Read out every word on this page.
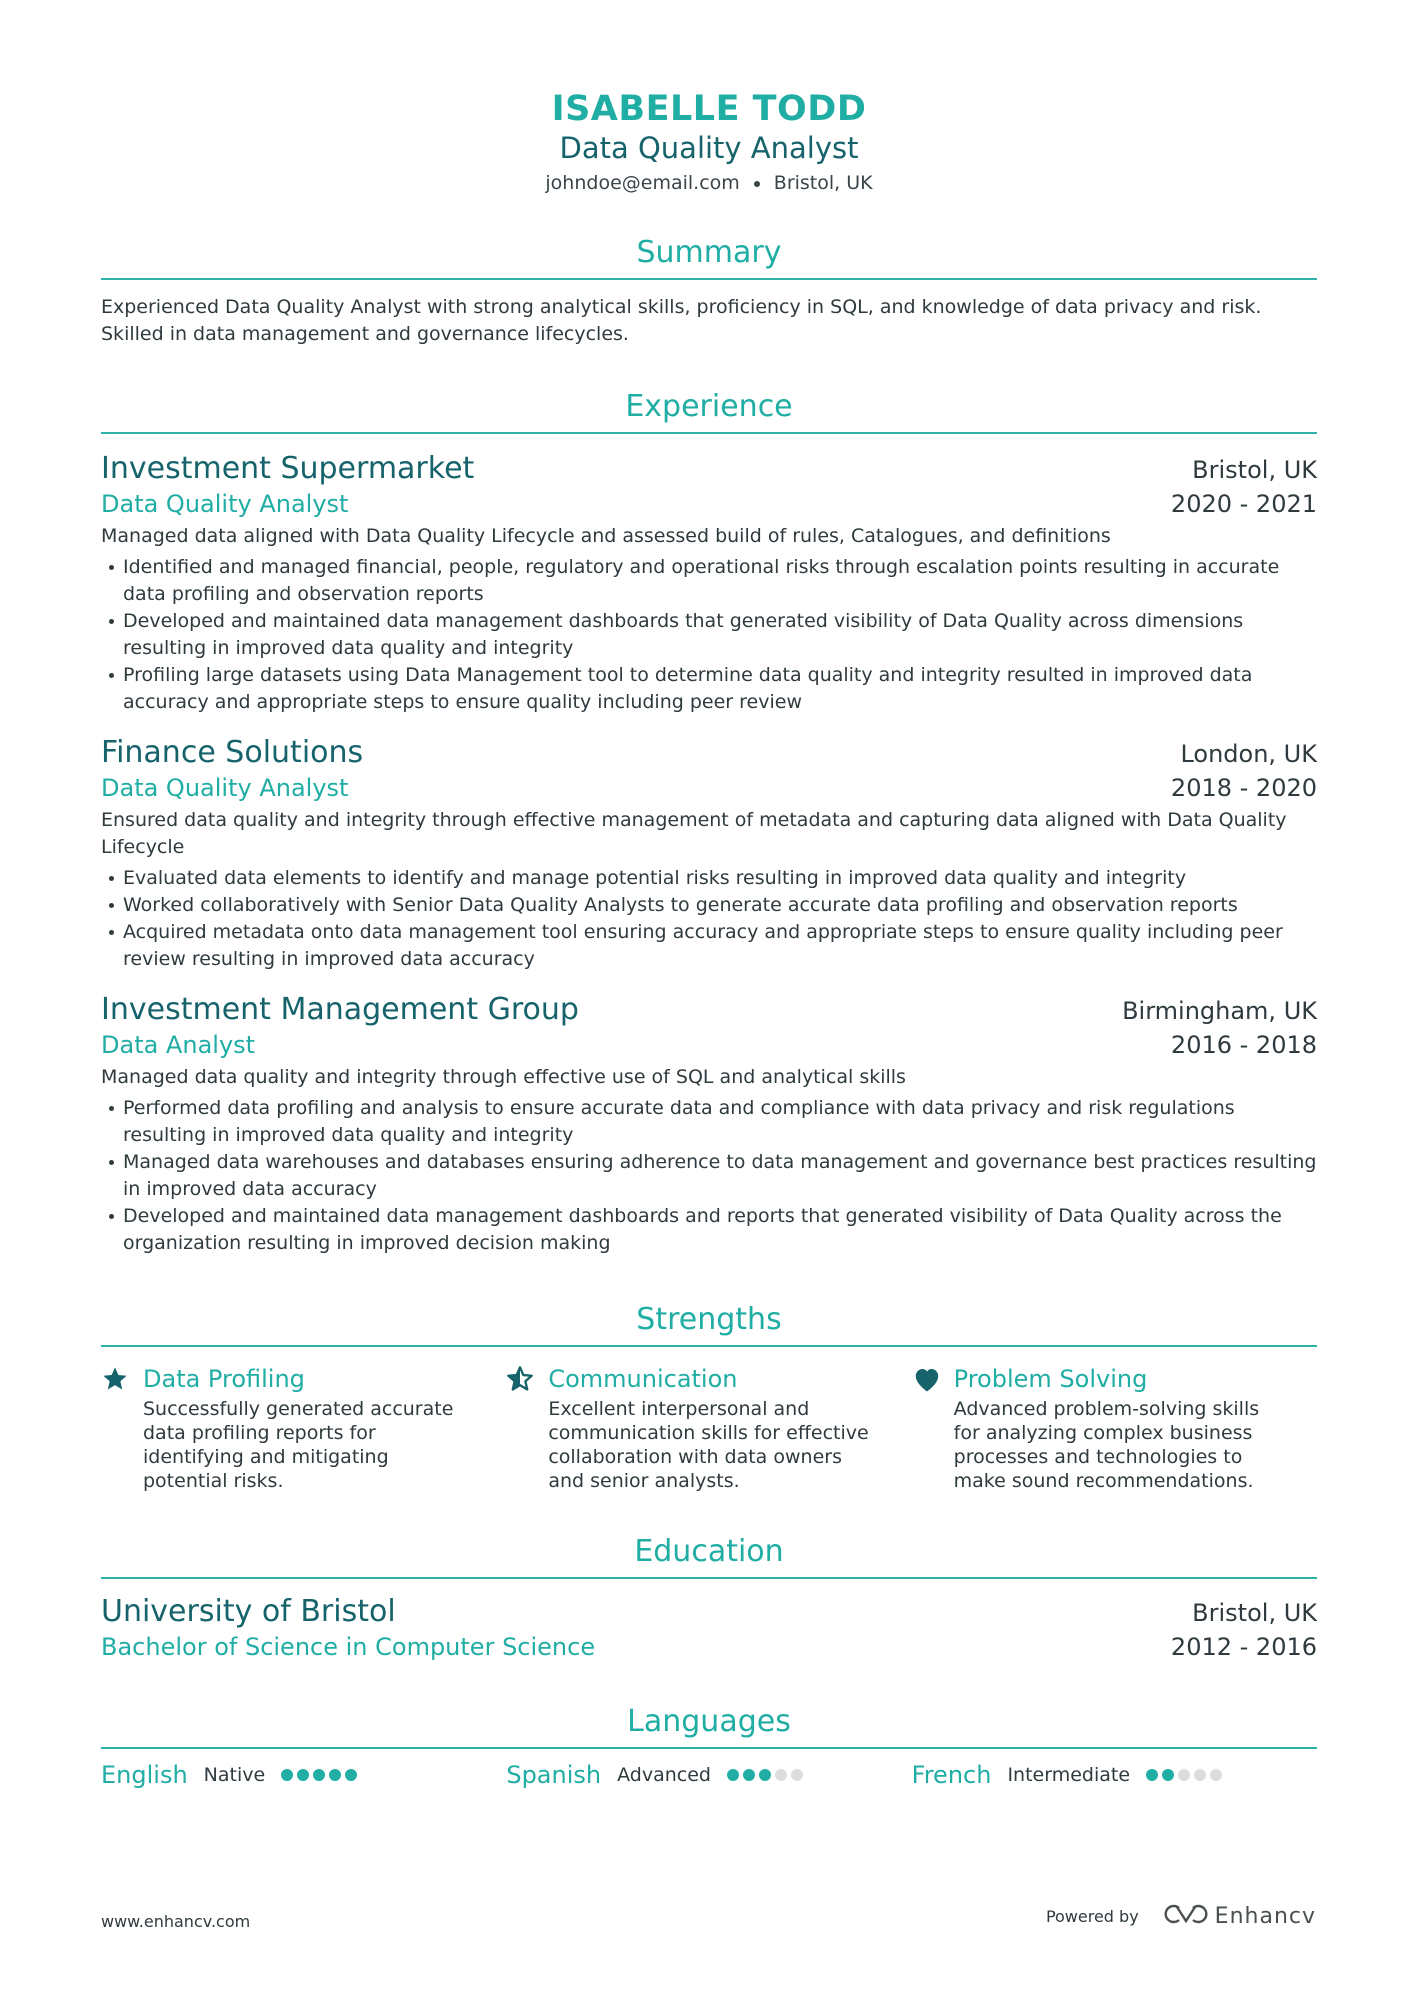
ISABELLE TODD
Data Quality Analyst
johndoe@email.com Bristol, UK
Summary
Experienced Data Quality Analyst with strong analytical skills, proficiency in SQL, and knowledge of data privacy and risk. Skilled in data management and governance lifecycles.
Experience
Investment Supermarket	Bristol, UK
Data Quality Analyst	2020 - 2021
Managed data aligned with Data Quality Lifecycle and assessed build of rules, Catalogues, and definitions
Identified and managed financial, people, regulatory and operational risks through escalation points resulting in accurate data profiling and observation reports
Developed and maintained data management dashboards that generated visibility of Data Quality across dimensions resulting in improved data quality and integrity
Profiling large datasets using Data Management tool to determine data quality and integrity resulted in improved data accuracy and appropriate steps to ensure quality including peer review
Finance Solutions	London, UK
Data Quality Analyst	2018 - 2020
Ensured data quality and integrity through effective management of metadata and capturing data aligned with Data Quality Lifecycle
Evaluated data elements to identify and manage potential risks resulting in improved data quality and integrity
Worked collaboratively with Senior Data Quality Analysts to generate accurate data profiling and observation reports
Acquired metadata onto data management tool ensuring accuracy and appropriate steps to ensure quality including peer review resulting in improved data accuracy
Investment Management Group	Birmingham, UK
Data Analyst	2016 - 2018
Managed data quality and integrity through effective use of SQL and analytical skills
Performed data profiling and analysis to ensure accurate data and compliance with data privacy and risk regulations resulting in improved data quality and integrity
Managed data warehouses and databases ensuring adherence to data management and governance best practices resulting in improved data accuracy
Developed and maintained data management dashboards and reports that generated visibility of Data Quality across the organization resulting in improved decision making
Strengths
Data Profiling
Successfully generated accurate data profiling reports for identifying and mitigating potential risks.
Communication
Excellent interpersonal and communication skills for effective collaboration with data owners and senior analysts.
Problem Solving
Advanced problem-solving skills for analyzing complex business processes and technologies to make sound recommendations.
Education
University of Bristol	Bristol, UK
Bachelor of Science in Computer Science	2012 - 2016
Languages
English Native	Spanish Advanced	French Intermediate
www.enhancv.com	Powered by	Enhancv
